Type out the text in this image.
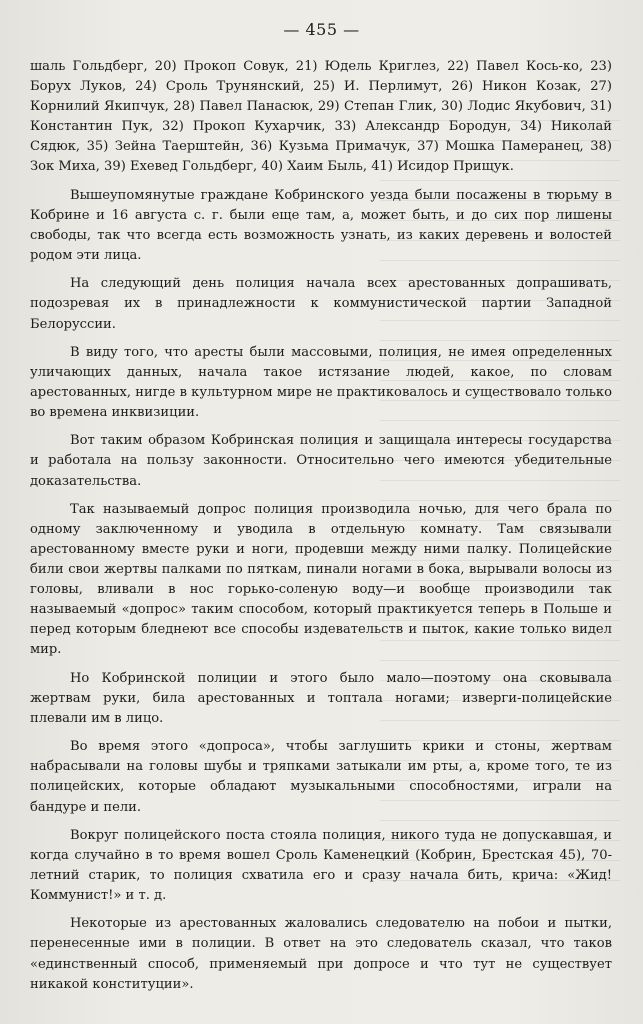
— 455 —

шаль Гольдберг, 20) Прокоп Совук, 21) Юдель Криглез, 22) Павел Кось-ко, 23) Борух Луков, 24) Сроль Трунянский, 25) И. Перлимут, 26) Никон Козак, 27) Корнилий Якипчук, 28) Павел Панасюк, 29) Степан Глик, 30) Лодис Якубович, 31) Константин Пук, 32) Прокоп Кухарчик, 33) Александр Бородун, 34) Николай Сядюк, 35) Зейна Таерштейн, 36) Кузьма Примачук, 37) Мошка Памеранец, 38) Зок Миха, 39) Ехевед Гольдберг, 40) Хаим Быль, 41) Исидор Прищук.

Вышеупомянутые граждане Кобринского уезда были посажены в тюрьму в Кобрине и 16 августа с. г. были еще там, а, может быть, и до сих пор лишены свободы, так что всегда есть возможность узнать, из каких деревень и волостей родом эти лица.

На следующий день полиция начала всех арестованных допрашивать, подозревая их в принадлежности к коммунистической партии Западной Белоруссии.

В виду того, что аресты были массовыми, полиция, не имея определенных уличающих данных, начала такое истязание людей, какое, по словам арестованных, нигде в культурном мире не практиковалось и существовало только во времена инквизиции.

Вот таким образом Кобринская полиция и защищала интересы государства и работала на пользу законности. Относительно чего имеются убедительные доказательства.

Так называемый допрос полиция производила ночью, для чего брала по одному заключенному и уводила в отдельную комнату. Там связывали арестованному вместе руки и ноги, продевши между ними палку. Полицейские били свои жертвы палками по пяткам, пинали ногами в бока, вырывали волосы из головы, вливали в нос горько-соленую воду—и вообще производили так называемый «допрос» таким способом, который практикуется теперь в Польше и перед которым бледнеют все способы издевательств и пыток, какие только видел мир.

Но Кобринской полиции и этого было мало—поэтому она сковывала жертвам руки, била арестованных и топтала ногами; изверги-полицейские плевали им в лицо.

Во время этого «допроса», чтобы заглушить крики и стоны, жертвам набрасывали на головы шубы и тряпками затыкали им рты, а, кроме того, те из полицейских, которые обладают музыкальными способностями, играли на бандуре и пели.

Вокруг полицейского поста стояла полиция, никого туда не допускавшая, и когда случайно в то время вошел Сроль Каменецкий (Кобрин, Брестская 45), 70-летний старик, то полиция схватила его и сразу начала бить, крича: «Жид! Коммунист!» и т. д.

Некоторые из арестованных жаловались следователю на побои и пытки, перенесенные ими в полиции. В ответ на это следователь сказал, что таков «единственный способ, применяемый при допросе и что тут не существует никакой конституции».
